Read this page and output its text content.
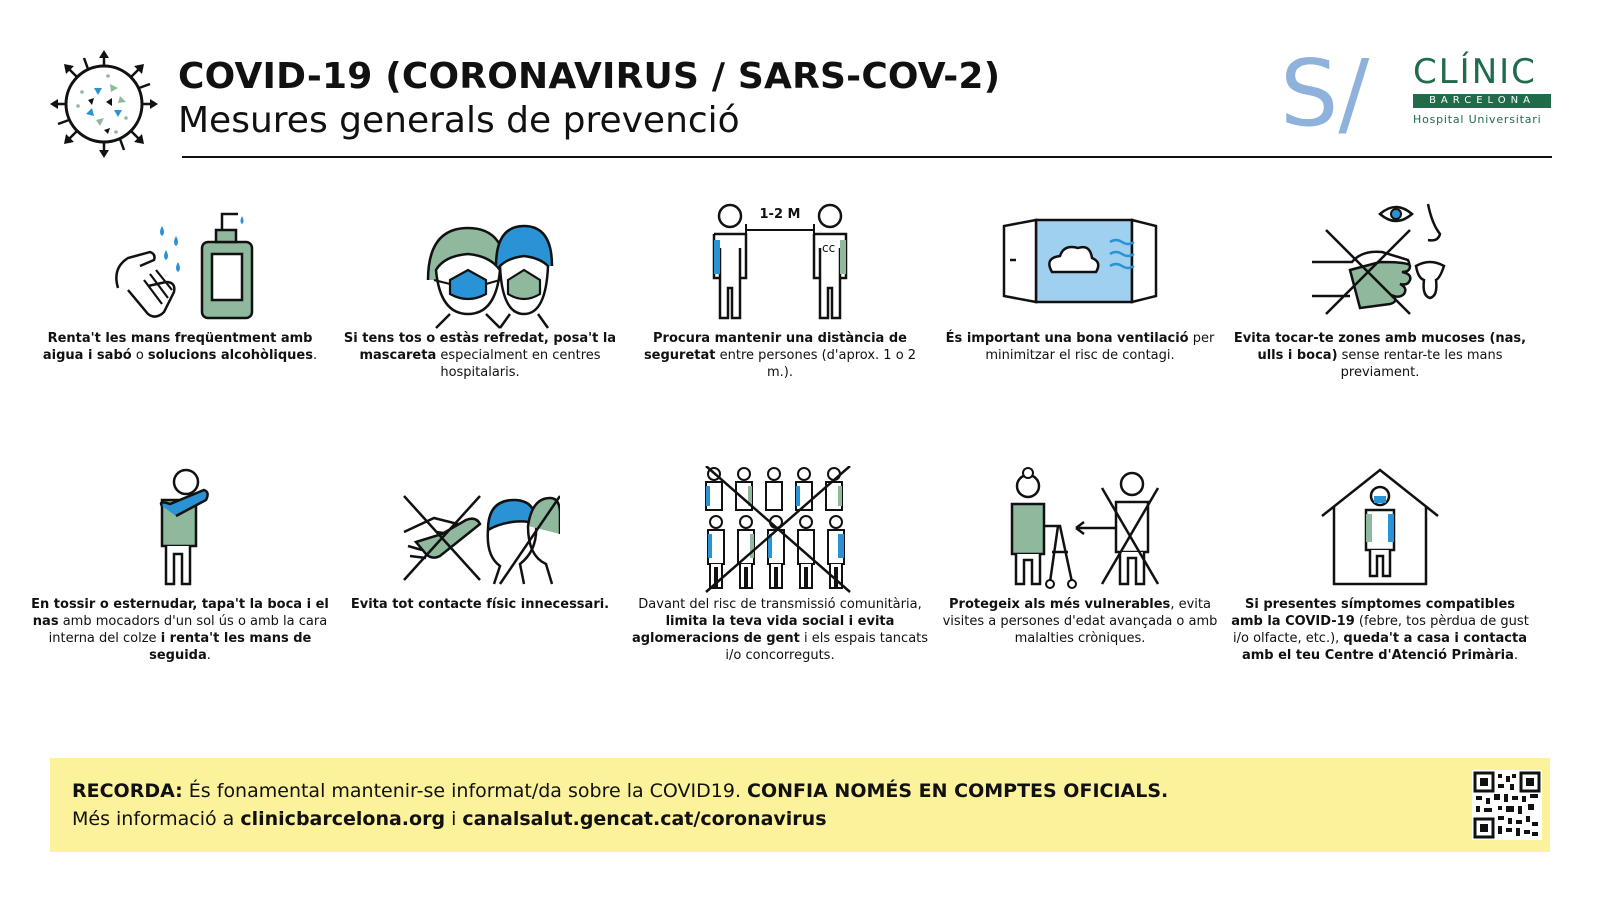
COVID-19 (CORONAVIRUS / SARS-COV-2)
Mesures generals de prevenció	S/ CLÍNIC
BARCELONA
Hospital Universitari
Renta't les mans freqüentment amb aigua i sabó o solucions alcohòliques.
Si tens tos o estàs refredat, posa't la mascareta especialment en centres hospitalaris.
1-2 M
cc
Procura mantenir una distància de seguretat entre persones (d'aprox. 1 o 2 m.).
És important una bona ventilació per minimitzar el risc de contagi.
Evita tocar-te zones amb mucoses (nas, ulls i boca) sense rentar-te les mans previament.
En tossir o esternudar, tapa't la boca i el nas amb mocadors d'un sol ús o amb la cara interna del colze i renta't les mans de seguida.
Evita tot contacte físic innecessari.	Davant del risc de transmissió comunitària, limita la teva vida social i evita aglomeracions de gent i els espais tancats i/o concorreguts.
Protegeix als més vulnerables, evita visites a persones d'edat avançada o amb malalties cròniques.
Si presentes símptomes compatibles amb la COVID-19 (febre, tos pèrdua de gust i/o olfacte, etc.), queda't a casa i contacta amb el teu Centre d'Atenció Primària.
RECORDA: És fonamental mantenir-se informat/da sobre la COVID19. CONFIA NOMÉS EN COMPTES OFICIALS.
Més informació a clinicbarcelona.org i canalsalut.gencat.cat/coronavirus
